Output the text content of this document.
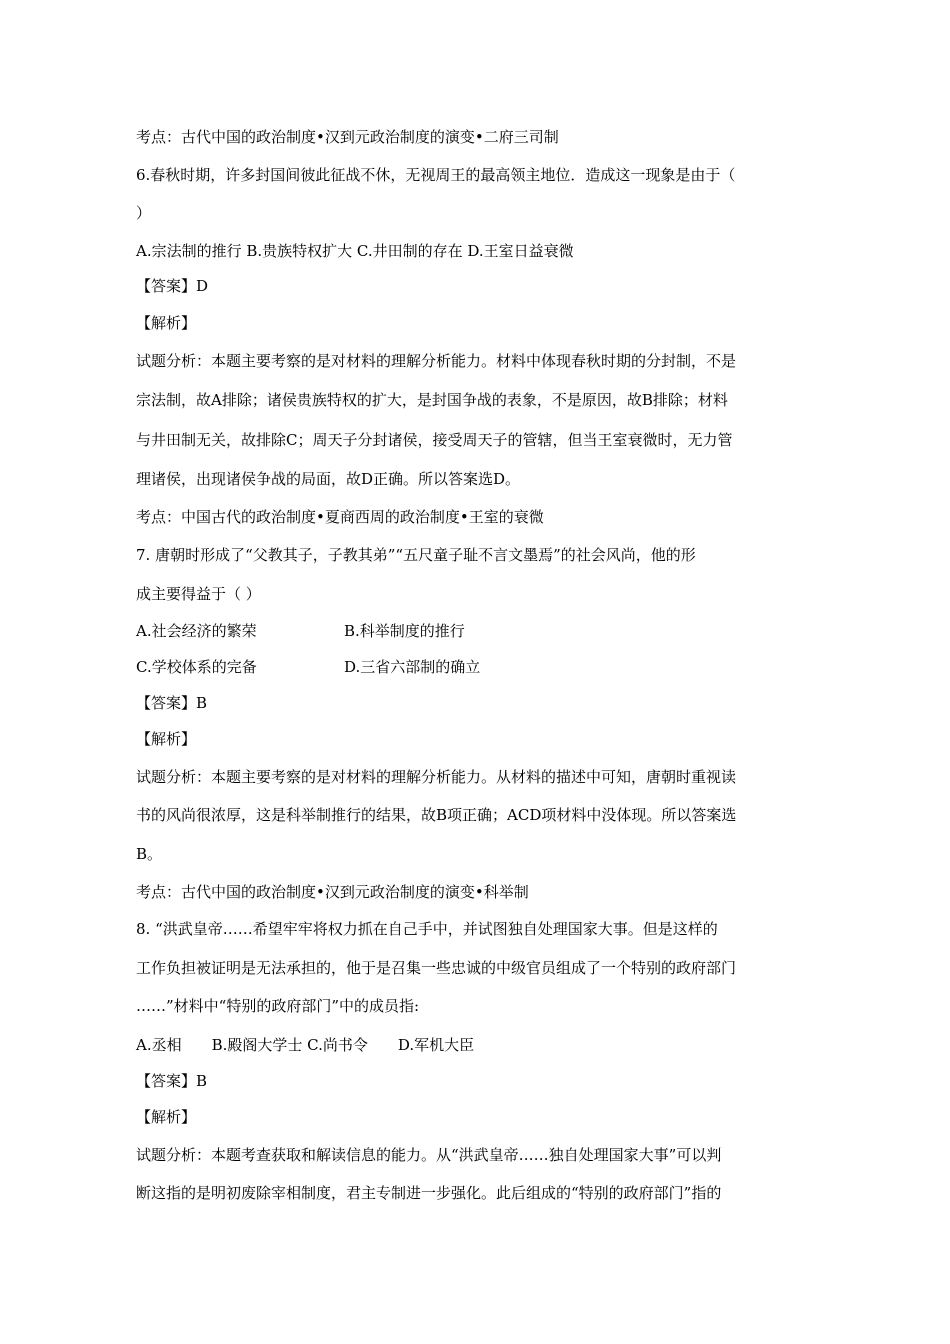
考点：古代中国的政治制度•汉到元政治制度的演变•二府三司制
6.春秋时期，许多封国间彼此征战不休，无视周王的最高领主地位．造成这一现象是由于（
）
A.宗法制的推行 B.贵族特权扩大 C.井田制的存在 D.王室日益衰微
【答案】D
【解析】
试题分析：本题主要考察的是对材料的理解分析能力。材料中体现春秋时期的分封制，不是
宗法制，故A排除；诸侯贵族特权的扩大，是封国争战的表象，不是原因，故B排除；材料
与井田制无关，故排除C；周天子分封诸侯，接受周天子的管辖，但当王室衰微时，无力管
理诸侯，出现诸侯争战的局面，故D正确。所以答案选D。
考点：中国古代的政治制度•夏商西周的政治制度•王室的衰微
7. 唐朝时形成了“父教其子，子教其弟”“五尺童子耻不言文墨焉”的社会风尚，他的形
成主要得益于（ ）
A.社会经济的繁荣	B.科举制度的推行
C.学校体系的完备	D.三省六部制的确立
【答案】B
【解析】
试题分析：本题主要考察的是对材料的理解分析能力。从材料的描述中可知，唐朝时重视读
书的风尚很浓厚，这是科举制推行的结果，故B项正确；ACD项材料中没体现。所以答案选
B。
考点：古代中国的政治制度•汉到元政治制度的演变•科举制
8. “洪武皇帝……希望牢牢将权力抓在自己手中，并试图独自处理国家大事。但是这样的
工作负担被证明是无法承担的，他于是召集一些忠诚的中级官员组成了一个特别的政府部门
……”材料中“特别的政府部门”中的成员指:
A.丞相　　B.殿阁大学士 C.尚书令　　D.军机大臣
【答案】B
【解析】
试题分析：本题考查获取和解读信息的能力。从“洪武皇帝……独自处理国家大事”可以判
断这指的是明初废除宰相制度，君主专制进一步强化。此后组成的“特别的政府部门”指的
